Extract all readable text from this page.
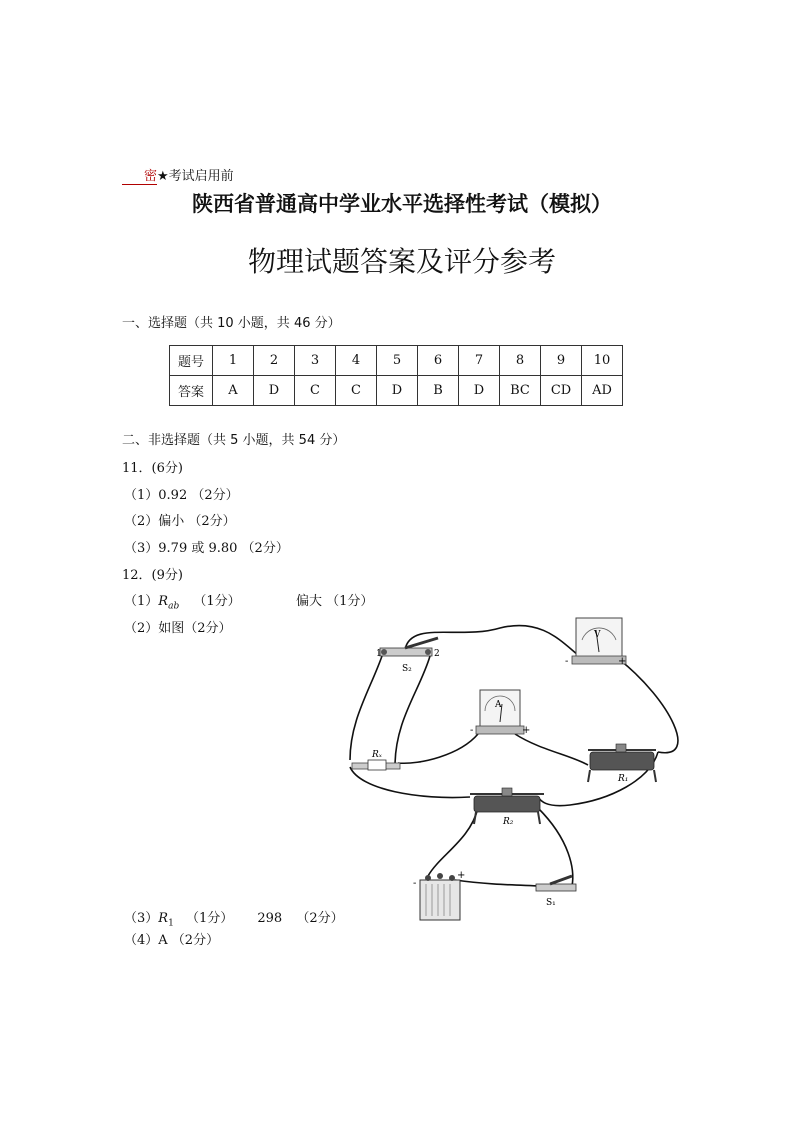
密★考试启用前
陕西省普通高中学业水平选择性考试（模拟）
物理试题答案及评分参考
一、选择题（共 10 小题，共 46 分）
题号	1	2	3	4	5	6	7	8	9	10
答案	A	D	C	C	D	B	D	BC	CD	AD
二、非选择题（共 5 小题，共 54 分）
11．(6分)
（1）0.92 （2分）
（2）偏小 （2分）
（3）9.79 或 9.80 （2分）
12．(9分)
$(1)R_{ab}$ （1分）	偏大 （1分）
（2）如图（2分）
$(3)R_1$ （1分） 298 （2分）
（4）A （2分）
1	2
S₂
V
-	+
A
-	+
Rₓ
R₁
R₂
-
+
S₁
